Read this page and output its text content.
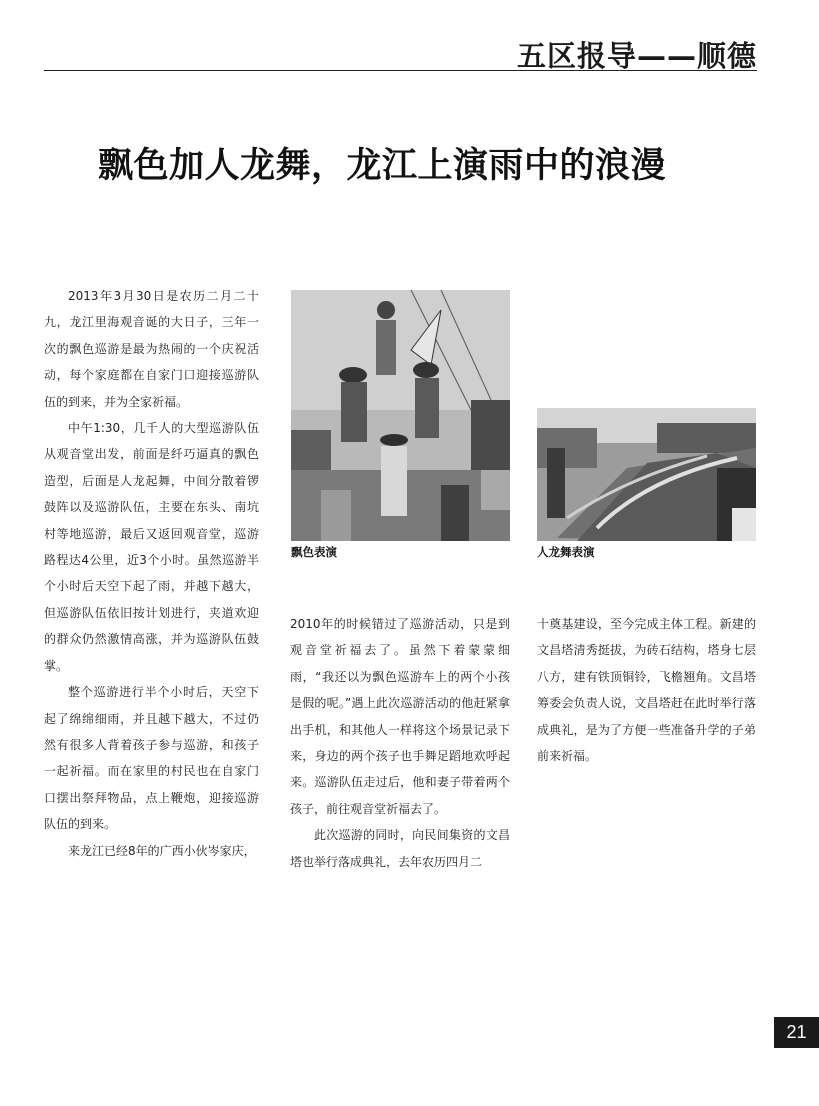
五区报导——顺德
飘色加人龙舞，龙江上演雨中的浪漫

2013年3月30日是农历二月二十九，龙江里海观音诞的大日子，三年一次的飘色巡游是最为热闹的一个庆祝活动，每个家庭都在自家门口迎接巡游队伍的到来，并为全家祈福。

中午1:30，几千人的大型巡游队伍从观音堂出发，前面是纤巧逼真的飘色造型，后面是人龙起舞，中间分散着锣鼓阵以及巡游队伍，主要在东头、南坑村等地巡游，最后又返回观音堂，巡游路程达4公里，近3个小时。虽然巡游半个小时后天空下起了雨，并越下越大，但巡游队伍依旧按计划进行，夹道欢迎的群众仍然激情高涨，并为巡游队伍鼓掌。

整个巡游进行半个小时后，天空下起了绵绵细雨，并且越下越大，不过仍然有很多人背着孩子参与巡游，和孩子一起祈福。而在家里的村民也在自家门口摆出祭拜物品，点上鞭炮，迎接巡游队伍的到来。

来龙江已经8年的广西小伙岑家庆，

飘色表演	人龙舞表演

2010年的时候错过了巡游活动，只是到观音堂祈福去了。虽然下着蒙蒙细雨，“我还以为飘色巡游车上的两个小孩是假的呢。”遇上此次巡游活动的他赶紧拿出手机，和其他人一样将这个场景记录下来，身边的两个孩子也手舞足蹈地欢呼起来。巡游队伍走过后，他和妻子带着两个孩子，前往观音堂祈福去了。

此次巡游的同时，向民间集资的文昌塔也举行落成典礼，去年农历四月二

十奠基建设，至今完成主体工程。新建的文昌塔清秀挺拔，为砖石结构，塔身七层八方，建有铁顶铜铃，飞檐翘角。文昌塔筹委会负责人说，文昌塔赶在此时举行落成典礼，是为了方便一些准备升学的子弟前来祈福。

21
